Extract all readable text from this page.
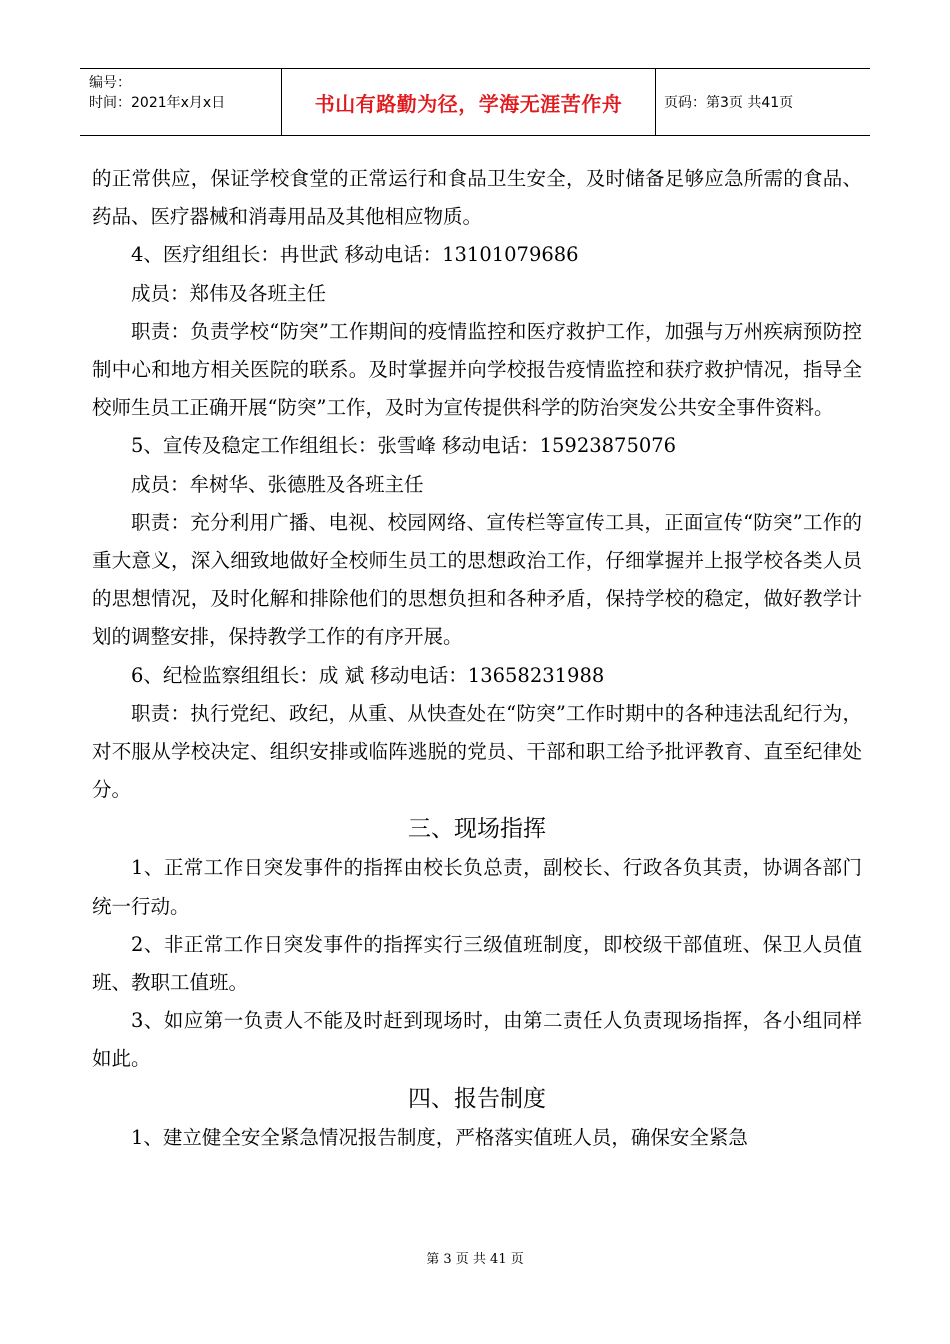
编号：
时间：2021年x月x日	书山有路勤为径，学海无涯苦作舟	页码：第3页 共41页

的正常供应，保证学校食堂的正常运行和食品卫生安全，及时储备足够应急所需的食品、药品、医疗器械和消毒用品及其他相应物质。

4、医疗组组长：冉世武 移动电话：13101079686

成员：郑伟及各班主任

职责：负责学校“防突”工作期间的疫情监控和医疗救护工作，加强与万州疾病预防控制中心和地方相关医院的联系。及时掌握并向学校报告疫情监控和获疗救护情况，指导全校师生员工正确开展“防突”工作，及时为宣传提供科学的防治突发公共安全事件资料。

5、宣传及稳定工作组组长：张雪峰 移动电话：15923875076

成员：牟树华、张德胜及各班主任

职责：充分利用广播、电视、校园网络、宣传栏等宣传工具，正面宣传“防突”工作的重大意义，深入细致地做好全校师生员工的思想政治工作，仔细掌握并上报学校各类人员的思想情况，及时化解和排除他们的思想负担和各种矛盾，保持学校的稳定，做好教学计划的调整安排，保持教学工作的有序开展。

6、纪检监察组组长：成 斌 移动电话：13658231988

职责：执行党纪、政纪，从重、从快查处在“防突”工作时期中的各种违法乱纪行为，对不服从学校决定、组织安排或临阵逃脱的党员、干部和职工给予批评教育、直至纪律处分。

三、现场指挥

1、正常工作日突发事件的指挥由校长负总责，副校长、行政各负其责，协调各部门统一行动。

2、非正常工作日突发事件的指挥实行三级值班制度，即校级干部值班、保卫人员值班、教职工值班。

3、如应第一负责人不能及时赶到现场时，由第二责任人负责现场指挥，各小组同样如此。

四、报告制度

1、建立健全安全紧急情况报告制度，严格落实值班人员，确保安全紧急

第 3 页 共 41 页
